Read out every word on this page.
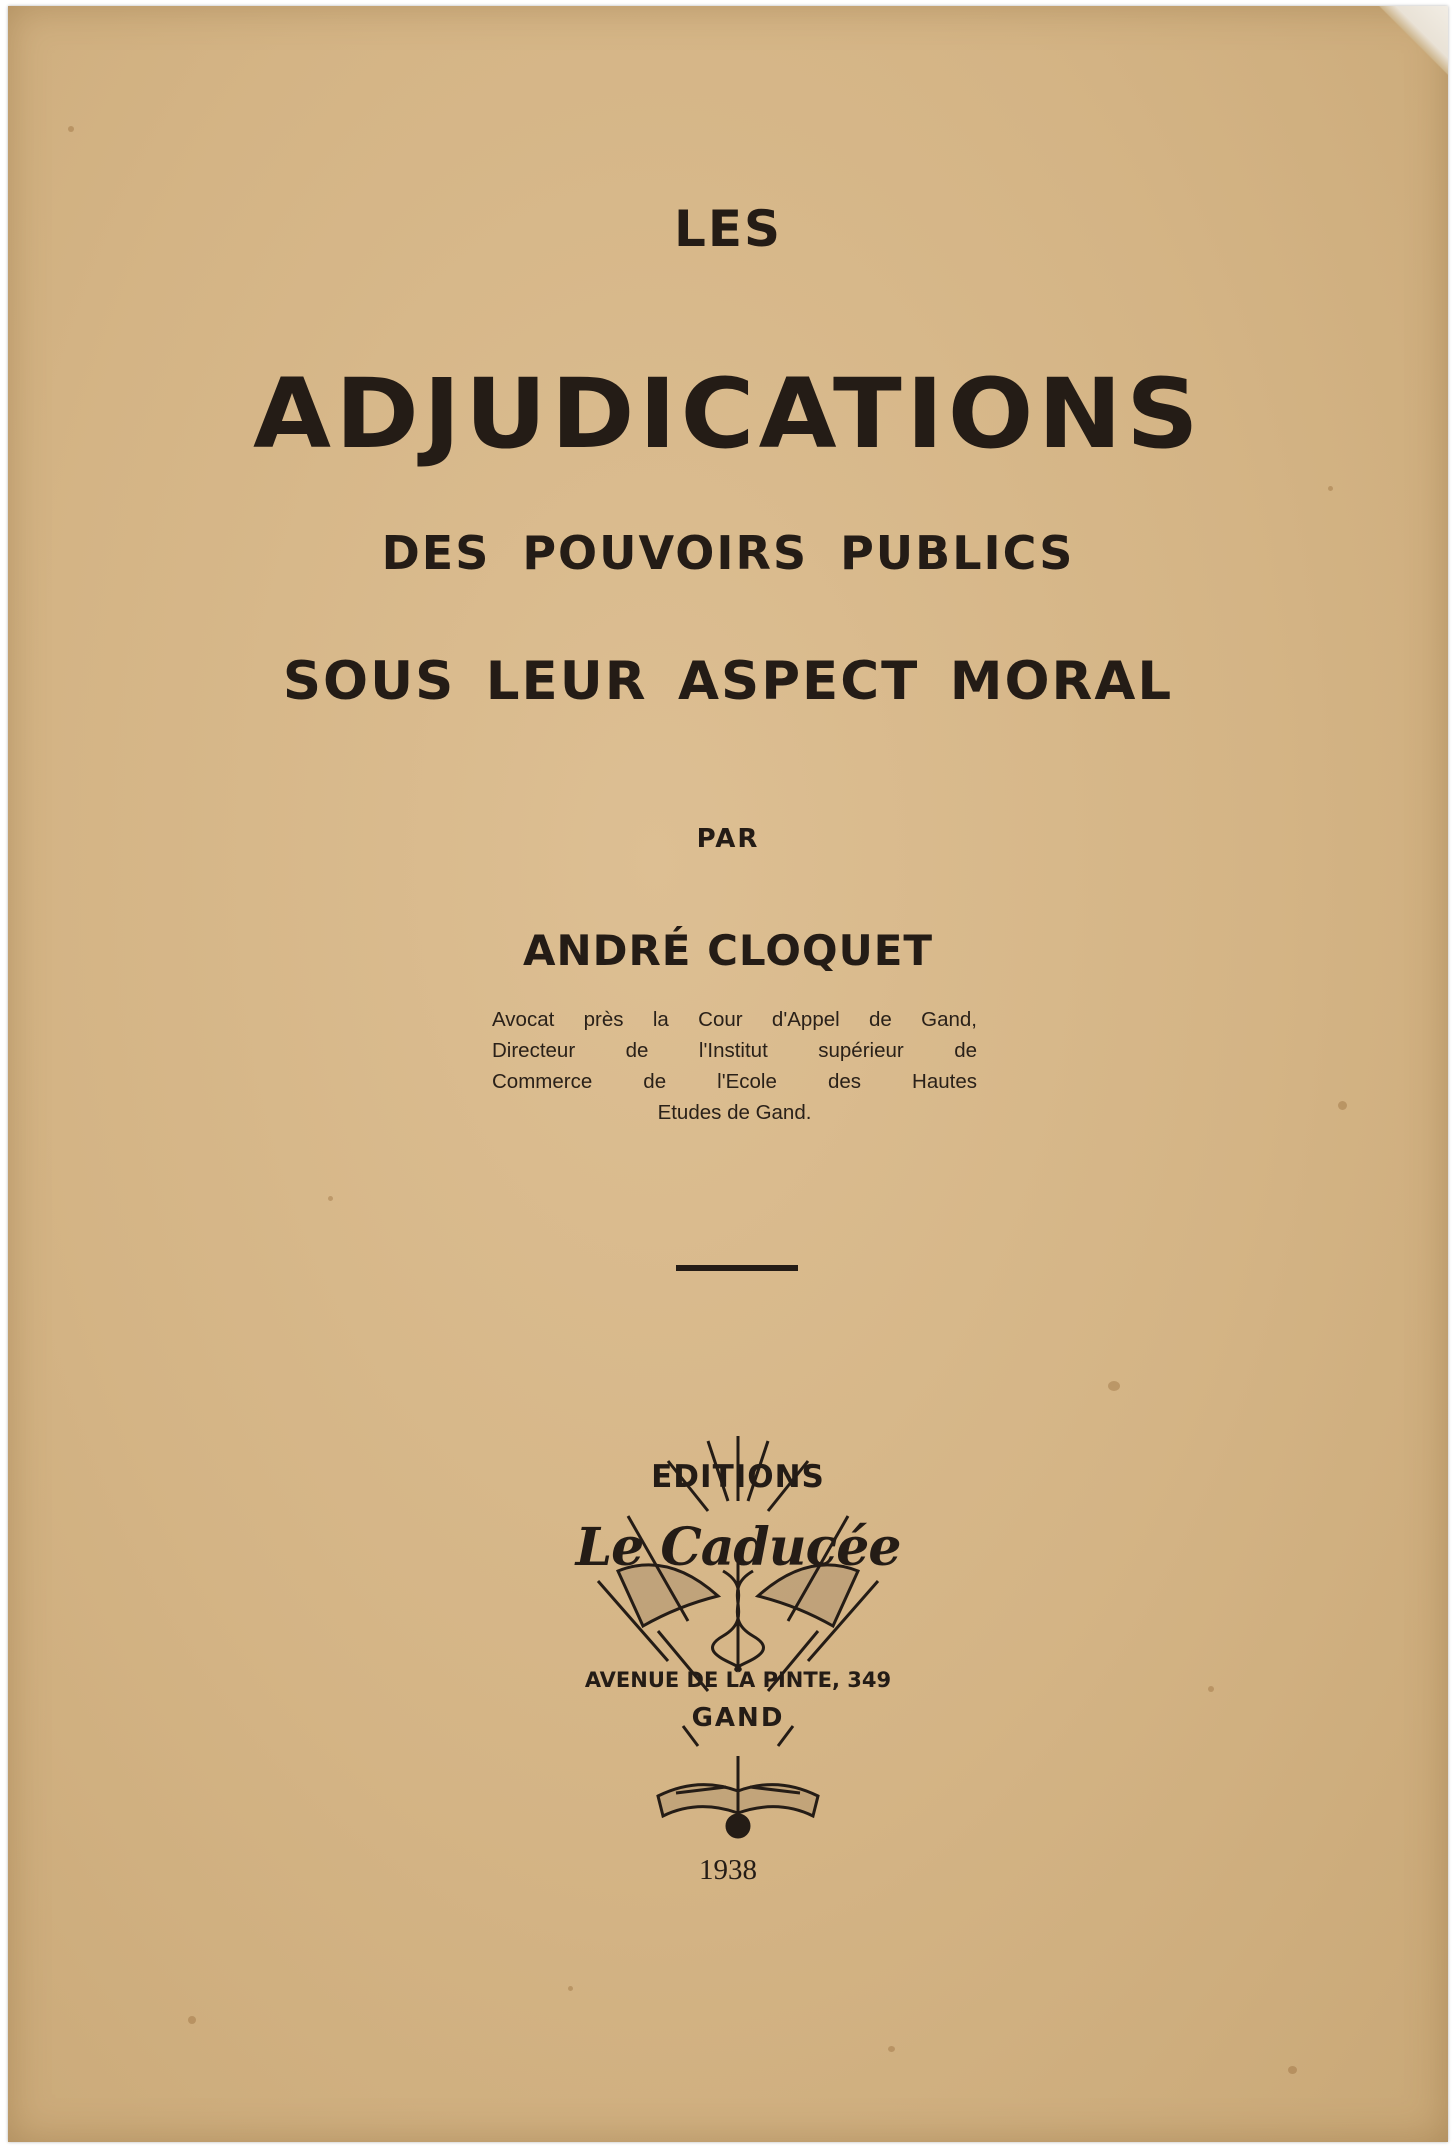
LES
ADJUDICATIONS
DES POUVOIRS PUBLICS
SOUS LEUR ASPECT MORAL
PAR
ANDRÉ CLOQUET
Avocat près la Cour d'Appel de Gand,
Directeur de l'Institut supérieur de
Commerce de l'Ecole des Hautes
Etudes de Gand.
EDITIONS
Le Caducée
AVENUE DE LA PINTE, 349
GAND
1938
